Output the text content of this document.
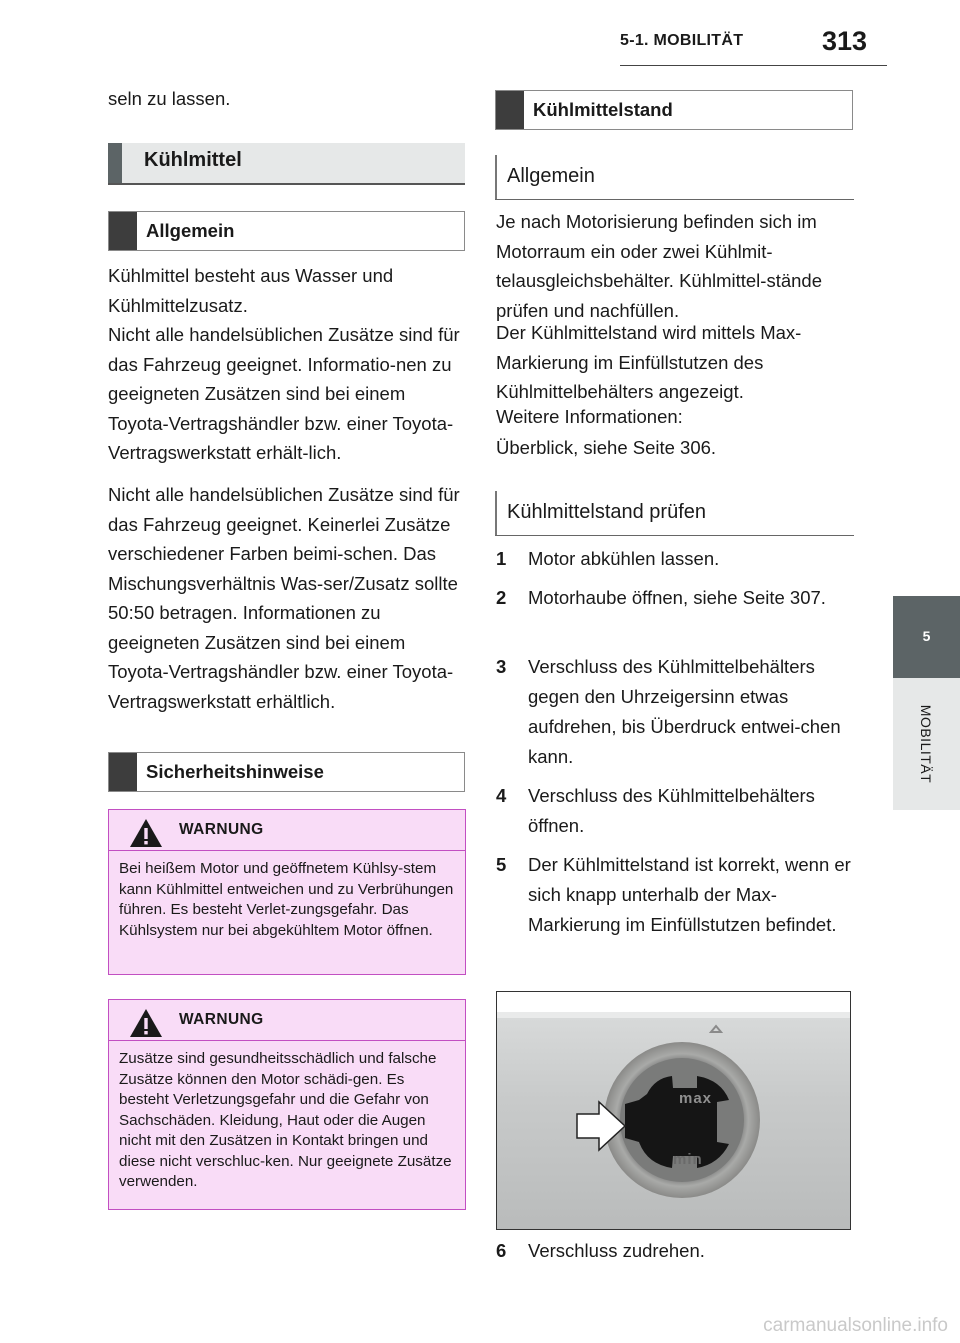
5-1. MOBILITÄT	313
5
MOBILITÄT
seln zu lassen.
Kühlmittel
Allgemein
Kühlmittel besteht aus Wasser und Kühlmittelzusatz.
Nicht alle handelsüblichen Zusätze sind für das Fahrzeug geeignet. Informatio-nen zu geeigneten Zusätzen sind bei einem Toyota-Vertragshändler bzw. einer Toyota-Vertragswerkstatt erhält-lich.
Nicht alle handelsüblichen Zusätze sind für das Fahrzeug geeignet. Keinerlei Zusätze verschiedener Farben beimi-schen. Das Mischungsverhältnis Was-ser/Zusatz sollte 50:50 betragen. Informationen zu geeigneten Zusätzen sind bei einem Toyota-Vertragshändler bzw. einer Toyota-Vertragswerkstatt erhältlich.
Sicherheitshinweise
WARNUNG
Bei heißem Motor und geöffnetem Kühlsy-stem kann Kühlmittel entweichen und zu Verbrühungen führen. Es besteht Verlet-zungsgefahr. Das Kühlsystem nur bei abgekühltem Motor öffnen.
WARNUNG
Zusätze sind gesundheitsschädlich und falsche Zusätze können den Motor schädi-gen. Es besteht Verletzungsgefahr und die Gefahr von Sachschäden. Kleidung, Haut oder die Augen nicht mit den Zusätzen in Kontakt bringen und diese nicht verschluc-ken. Nur geeignete Zusätze verwenden.
Kühlmittelstand
Allgemein
Je nach Motorisierung befinden sich im Motorraum ein oder zwei Kühlmit-telausgleichsbehälter. Kühlmittel-stände prüfen und nachfüllen.
Der Kühlmittelstand wird mittels Max-Markierung im Einfüllstutzen des Kühlmittelbehälters angezeigt.
Weitere Informationen:
Überblick, siehe Seite 306.
Kühlmittelstand prüfen
1 Motor abkühlen lassen.
2 Motorhaube öffnen, siehe Seite 307.
3 Verschluss des Kühlmittelbehälters gegen den Uhrzeigersinn etwas aufdrehen, bis Überdruck entwei-chen kann.
4 Verschluss des Kühlmittelbehälters öffnen.
5 Der Kühlmittelstand ist korrekt, wenn er sich knapp unterhalb der Max-Markierung im Einfüllstutzen befindet.
max
min
6 Verschluss zudrehen.
carmanualsonline.info
